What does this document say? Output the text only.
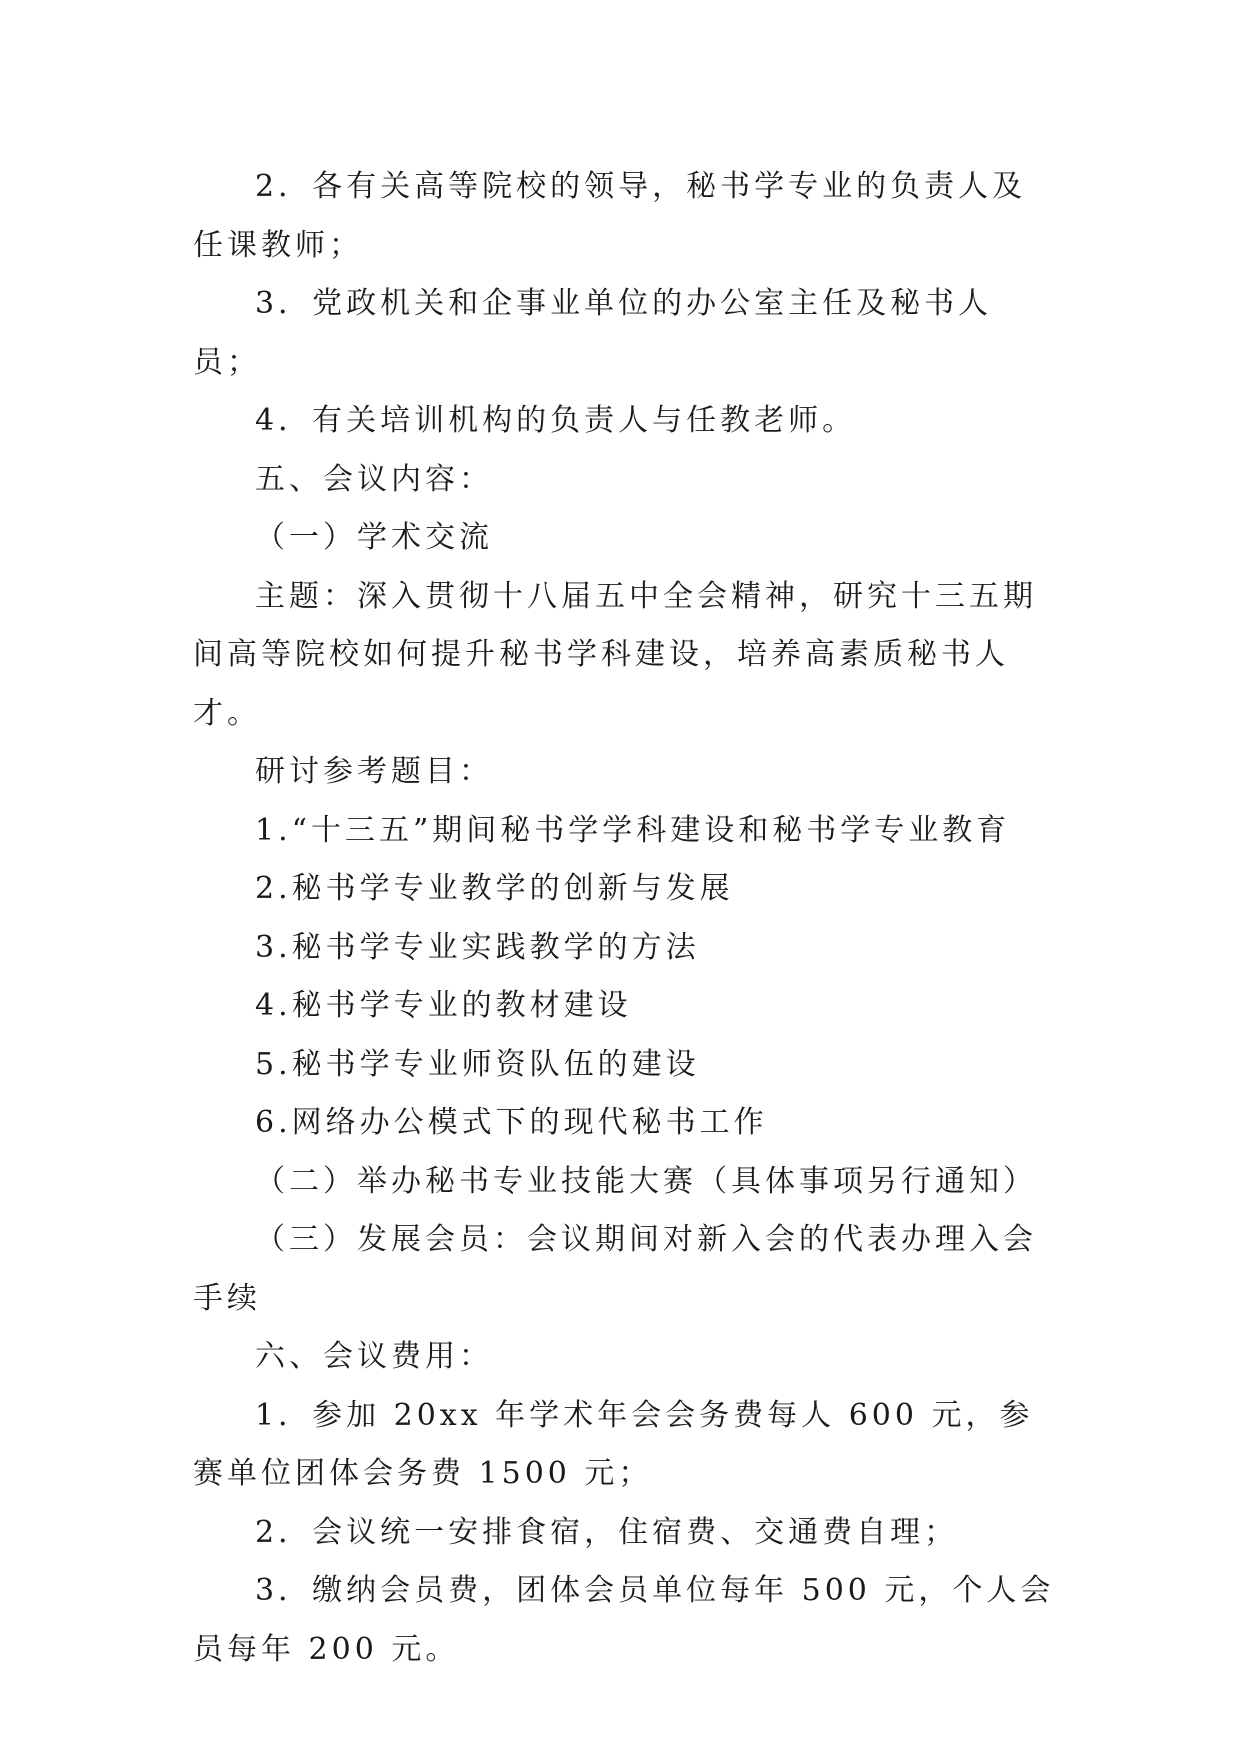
2．各有关高等院校的领导，秘书学专业的负责人及任课教师；

3．党政机关和企事业单位的办公室主任及秘书人员；

4．有关培训机构的负责人与任教老师。

五、会议内容：

（一）学术交流

主题：深入贯彻十八届五中全会精神，研究十三五期间高等院校如何提升秘书学科建设，培养高素质秘书人才。

研讨参考题目：

1.“十三五”期间秘书学学科建设和秘书学专业教育

2.秘书学专业教学的创新与发展

3.秘书学专业实践教学的方法

4.秘书学专业的教材建设

5.秘书学专业师资队伍的建设

6.网络办公模式下的现代秘书工作

（二）举办秘书专业技能大赛（具体事项另行通知）

（三）发展会员：会议期间对新入会的代表办理入会手续

六、会议费用：

1．参加 20xx 年学术年会会务费每人 600 元，参赛单位团体会务费 1500 元；

2．会议统一安排食宿，住宿费、交通费自理；

3．缴纳会员费，团体会员单位每年 500 元，个人会员每年 200 元。
